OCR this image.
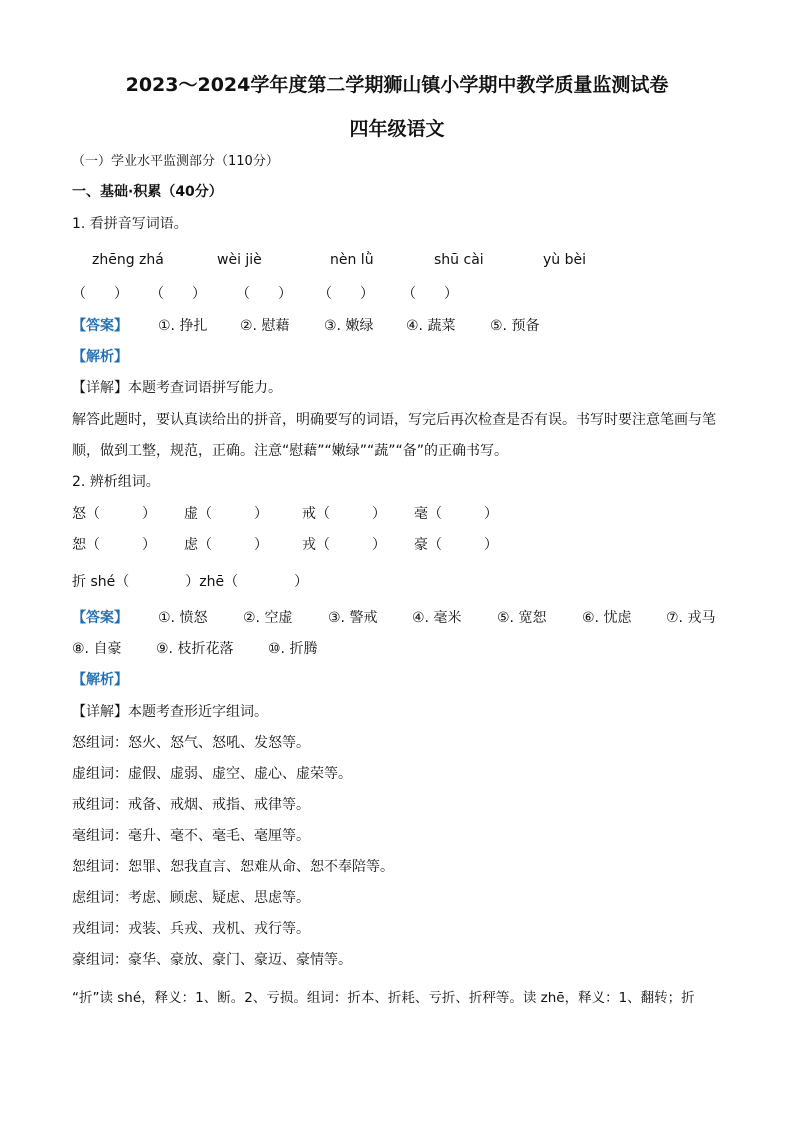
2023～2024学年度第二学期狮山镇小学期中教学质量监测试卷
四年级语文
（一）学业水平监测部分（110分）
一、基础·积累（40分）
1. 看拼音写词语。
zhēng zhá	wèi jiè	nèn lǜ	shū cài	yù bèi
（　　） （　　） （　　） （　　） （　　）
【答案】 ①. 挣扎 ②. 慰藉 ③. 嫩绿 ④. 蔬菜 ⑤. 预备
【解析】
【详解】本题考查词语拼写能力。
解答此题时，要认真读给出的拼音，明确要写的词语，写完后再次检查是否有误。书写时要注意笔画与笔
顺，做到工整，规范，正确。注意“慰藉”“嫩绿”“蔬”“备”的正确书写。
2. 辨析组词。
怒（　　　） 虚（　　　） 戒（　　　） 毫（　　　）
恕（　　　） 虑（　　　） 戎（　　　） 豪（　　　）
折 shé（　　　　）zhē（　　　　）
【答案】 ①. 愤怒	②. 空虚	③. 警戒 ④. 毫米	⑤. 宽恕	⑥. 忧虑 ⑦. 戎马
⑧. 自豪 ⑨. 枝折花落 ⑩. 折腾
【解析】
【详解】本题考查形近字组词。
怒组词：怒火、怒气、怒吼、发怒等。
虚组词：虚假、虚弱、虚空、虚心、虚荣等。
戒组词：戒备、戒烟、戒指、戒律等。
毫组词：毫升、毫不、毫毛、毫厘等。
恕组词：恕罪、恕我直言、恕难从命、恕不奉陪等。
虑组词：考虑、顾虑、疑虑、思虑等。
戎组词：戎装、兵戎、戎机、戎行等。
豪组词：豪华、豪放、豪门、豪迈、豪情等。
“折”读 shé，释义：1、断。2、亏损。组词：折本、折耗、亏折、折秤等。读 zhē，释义：1、翻转；折
